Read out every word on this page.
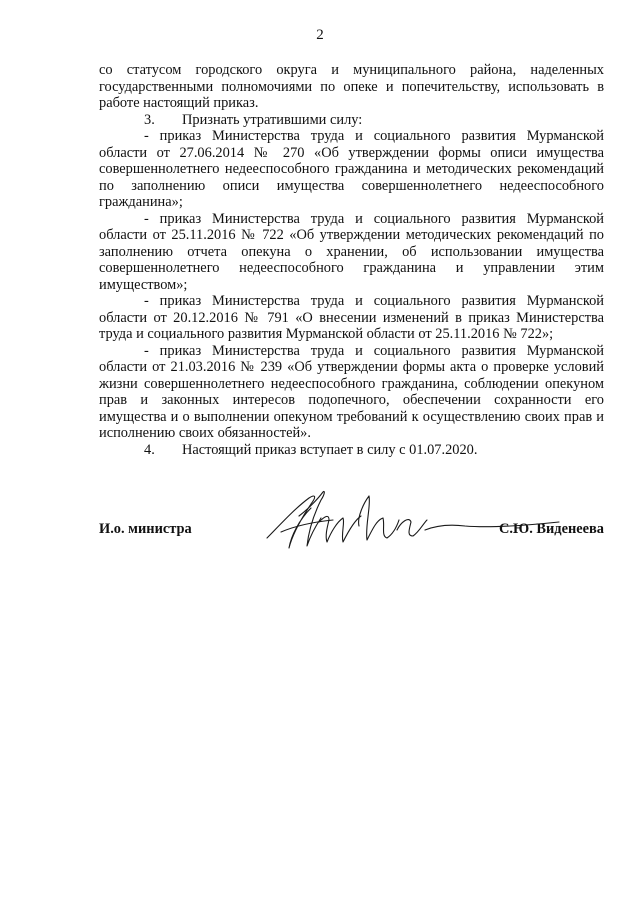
2

со статусом городского округа и муниципального района, наделенных государственными полномочиями по опеке и попечительству, использовать в работе настоящий приказ.

3.	Признать утратившими силу:

- приказ Министерства труда и социального развития Мурманской области от 27.06.2014 № 270 «Об утверждении формы описи имущества совершеннолетнего недееспособного гражданина и методических рекомендаций по заполнению описи имущества совершеннолетнего недееспособного гражданина»;

- приказ Министерства труда и социального развития Мурманской области от 25.11.2016 № 722 «Об утверждении методических рекомендаций по заполнению отчета опекуна о хранении, об использовании имущества совершеннолетнего недееспособного гражданина и управлении этим имуществом»;

- приказ Министерства труда и социального развития Мурманской области от 20.12.2016 № 791 «О внесении изменений в приказ Министерства труда и социального развития Мурманской области от 25.11.2016 № 722»;

- приказ Министерства труда и социального развития Мурманской области от 21.03.2016 № 239 «Об утверждении формы акта о проверке условий жизни совершеннолетнего недееспособного гражданина, соблюдении опекуном прав и законных интересов подопечного, обеспечении сохранности его имущества и о выполнении опекуном требований к осуществлению своих прав и исполнению своих обязанностей».

4.	Настоящий приказ вступает в силу с 01.07.2020.
И.о. министра	С.Ю. Виденеева
